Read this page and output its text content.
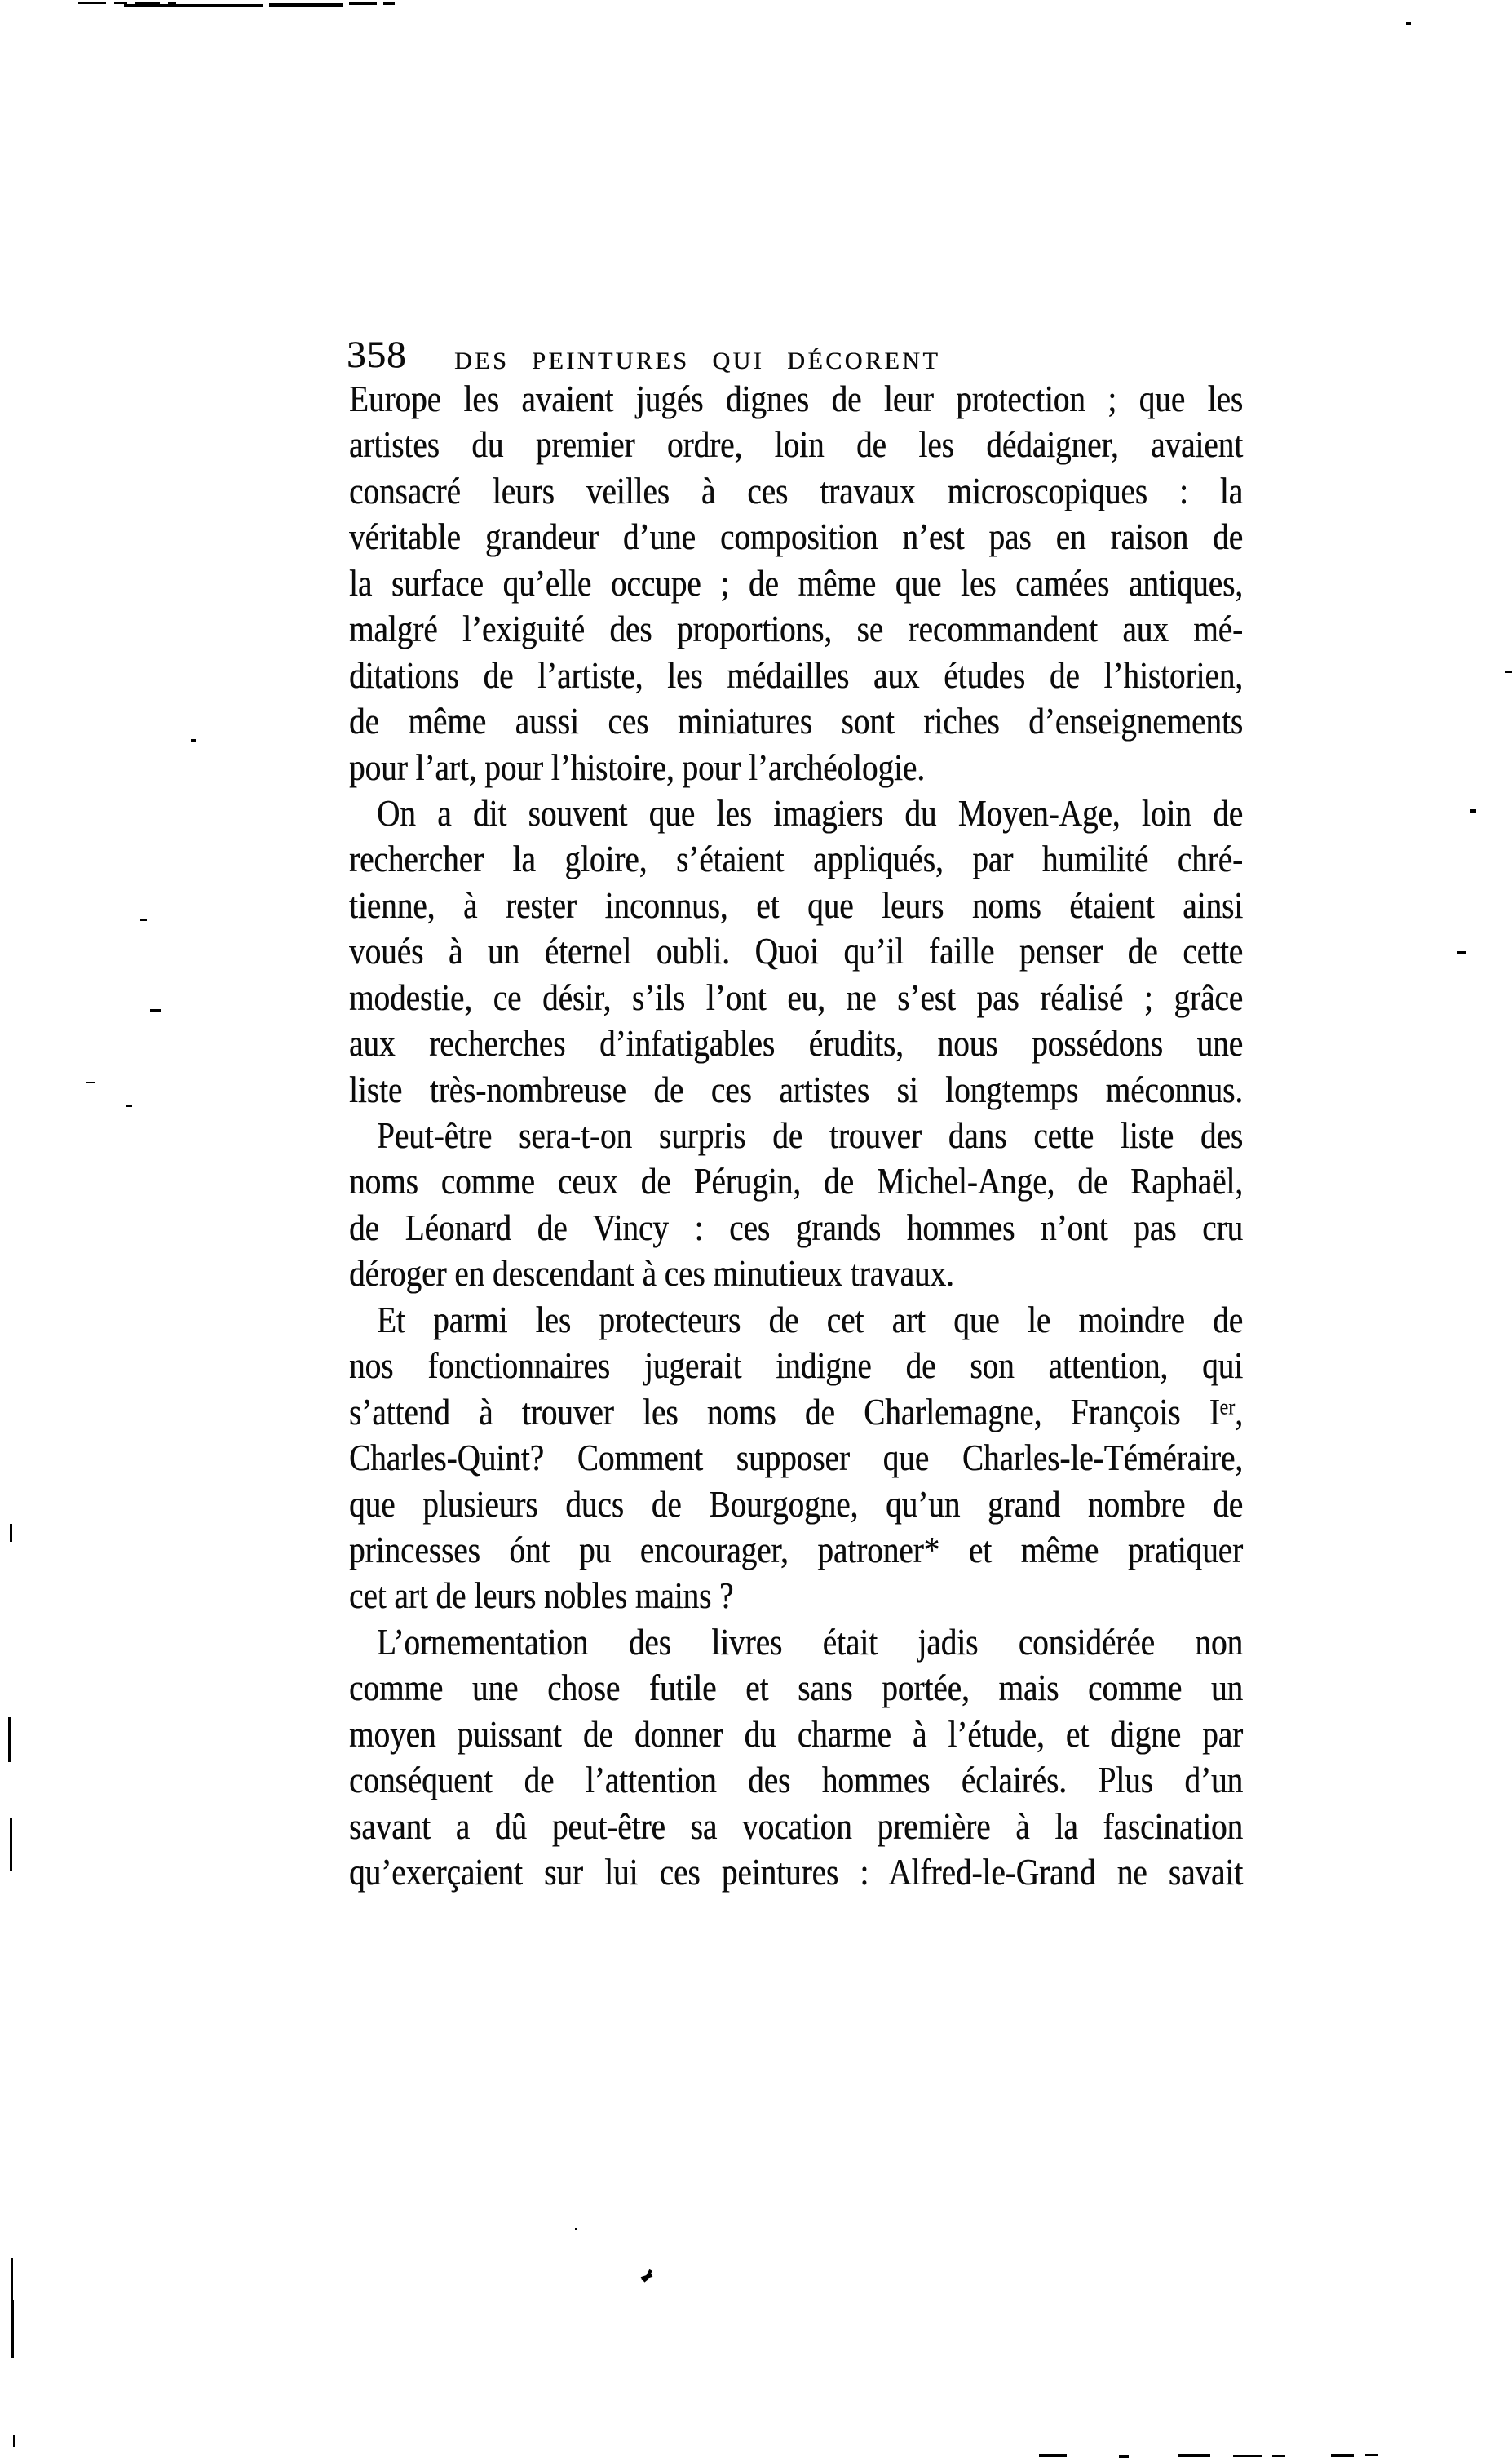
358 DES PEINTURES QUI DÉCORENT
Europe les avaient jugés dignes de leur protection ; que les
artistes du premier ordre, loin de les dédaigner, avaient
consacré leurs veilles à ces travaux microscopiques : la
véritable grandeur d’une composition n’est pas en raison de
la surface qu’elle occupe ; de même que les camées antiques,
malgré l’exiguité des proportions, se recommandent aux mé-
ditations de l’artiste, les médailles aux études de l’historien,
de même aussi ces miniatures sont riches d’enseignements
pour l’art, pour l’histoire, pour l’archéologie.
On a dit souvent que les imagiers du Moyen-Age, loin de
rechercher la gloire, s’étaient appliqués, par humilité chré-
tienne, à rester inconnus, et que leurs noms étaient ainsi
voués à un éternel oubli. Quoi qu’il faille penser de cette
modestie, ce désir, s’ils l’ont eu, ne s’est pas réalisé ; grâce
aux recherches d’infatigables érudits, nous possédons une
liste très-nombreuse de ces artistes si longtemps méconnus.
Peut-être sera-t-on surpris de trouver dans cette liste des
noms comme ceux de Pérugin, de Michel-Ange, de Raphaël,
de Léonard de Vincy : ces grands hommes n’ont pas cru
déroger en descendant à ces minutieux travaux.
Et parmi les protecteurs de cet art que le moindre de
nos fonctionnaires jugerait indigne de son attention, qui
s’attend à trouver les noms de Charlemagne, François Iᵉʳ,
Charles-Quint? Comment supposer que Charles-le-Téméraire,
que plusieurs ducs de Bourgogne, qu’un grand nombre de
princesses ónt pu encourager, patroner* et même pratiquer
cet art de leurs nobles mains ?
L’ornementation des livres était jadis considérée non
comme une chose futile et sans portée, mais comme un
moyen puissant de donner du charme à l’étude, et digne par
conséquent de l’attention des hommes éclairés. Plus d’un
savant a dû peut-être sa vocation première à la fascination
qu’exerçaient sur lui ces peintures : Alfred-le-Grand ne savait
